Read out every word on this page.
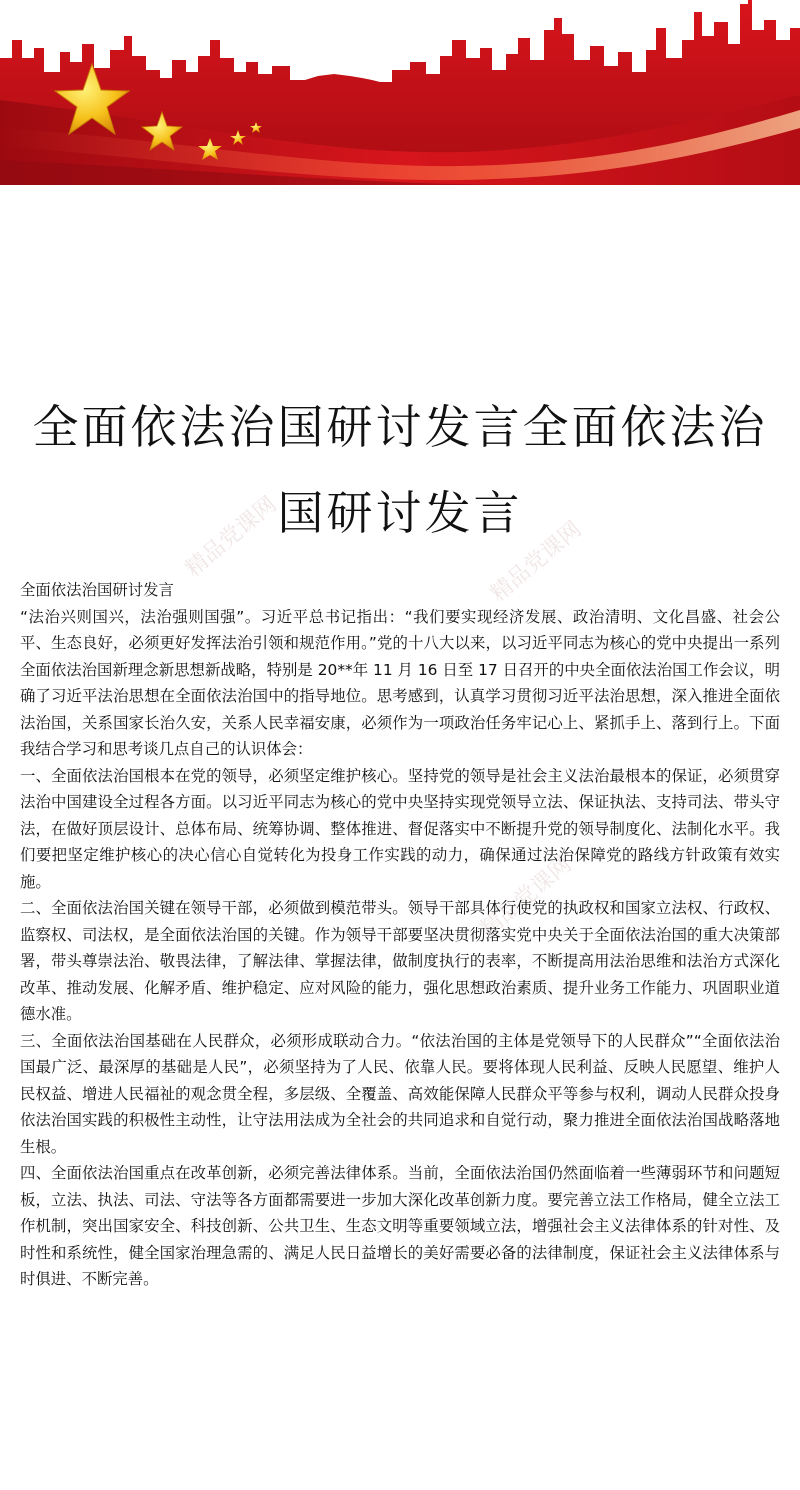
精品党课网	精品党课网
精品党课网
全面依法治国研讨发言全面依法治
国研讨发言

全面依法治国研讨发言

“法治兴则国兴，法治强则国强”。习近平总书记指出：“我们要实现经济发展、政治清明、文化昌盛、社会公平、生态良好，必须更好发挥法治引领和规范作用。”党的十八大以来，以习近平同志为核心的党中央提出一系列全面依法治国新理念新思想新战略，特别是 20**年 11 月 16 日至 17 日召开的中央全面依法治国工作会议，明确了习近平法治思想在全面依法治国中的指导地位。思考感到，认真学习贯彻习近平法治思想，深入推进全面依法治国，关系国家长治久安，关系人民幸福安康，必须作为一项政治任务牢记心上、紧抓手上、落到行上。下面我结合学习和思考谈几点自己的认识体会：

一、全面依法治国根本在党的领导，必须坚定维护核心。坚持党的领导是社会主义法治最根本的保证，必须贯穿法治中国建设全过程各方面。以习近平同志为核心的党中央坚持实现党领导立法、保证执法、支持司法、带头守法，在做好顶层设计、总体布局、统筹协调、整体推进、督促落实中不断提升党的领导制度化、法制化水平。我们要把坚定维护核心的决心信心自觉转化为投身工作实践的动力，确保通过法治保障党的路线方针政策有效实施。

二、全面依法治国关键在领导干部，必须做到模范带头。领导干部具体行使党的执政权和国家立法权、行政权、监察权、司法权，是全面依法治国的关键。作为领导干部要坚决贯彻落实党中央关于全面依法治国的重大决策部署，带头尊崇法治、敬畏法律，了解法律、掌握法律，做制度执行的表率，不断提高用法治思维和法治方式深化改革、推动发展、化解矛盾、维护稳定、应对风险的能力，强化思想政治素质、提升业务工作能力、巩固职业道德水准。

三、全面依法治国基础在人民群众，必须形成联动合力。“依法治国的主体是党领导下的人民群众”“全面依法治国最广泛、最深厚的基础是人民”，必须坚持为了人民、依靠人民。要将体现人民利益、反映人民愿望、维护人民权益、增进人民福祉的观念贯全程，多层级、全覆盖、高效能保障人民群众平等参与权利，调动人民群众投身依法治国实践的积极性主动性，让守法用法成为全社会的共同追求和自觉行动，聚力推进全面依法治国战略落地生根。

四、全面依法治国重点在改革创新，必须完善法律体系。当前，全面依法治国仍然面临着一些薄弱环节和问题短板，立法、执法、司法、守法等各方面都需要进一步加大深化改革创新力度。要完善立法工作格局，健全立法工作机制，突出国家安全、科技创新、公共卫生、生态文明等重要领域立法，增强社会主义法律体系的针对性、及时性和系统性，健全国家治理急需的、满足人民日益增长的美好需要必备的法律制度，保证社会主义法律体系与时俱进、不断完善。
